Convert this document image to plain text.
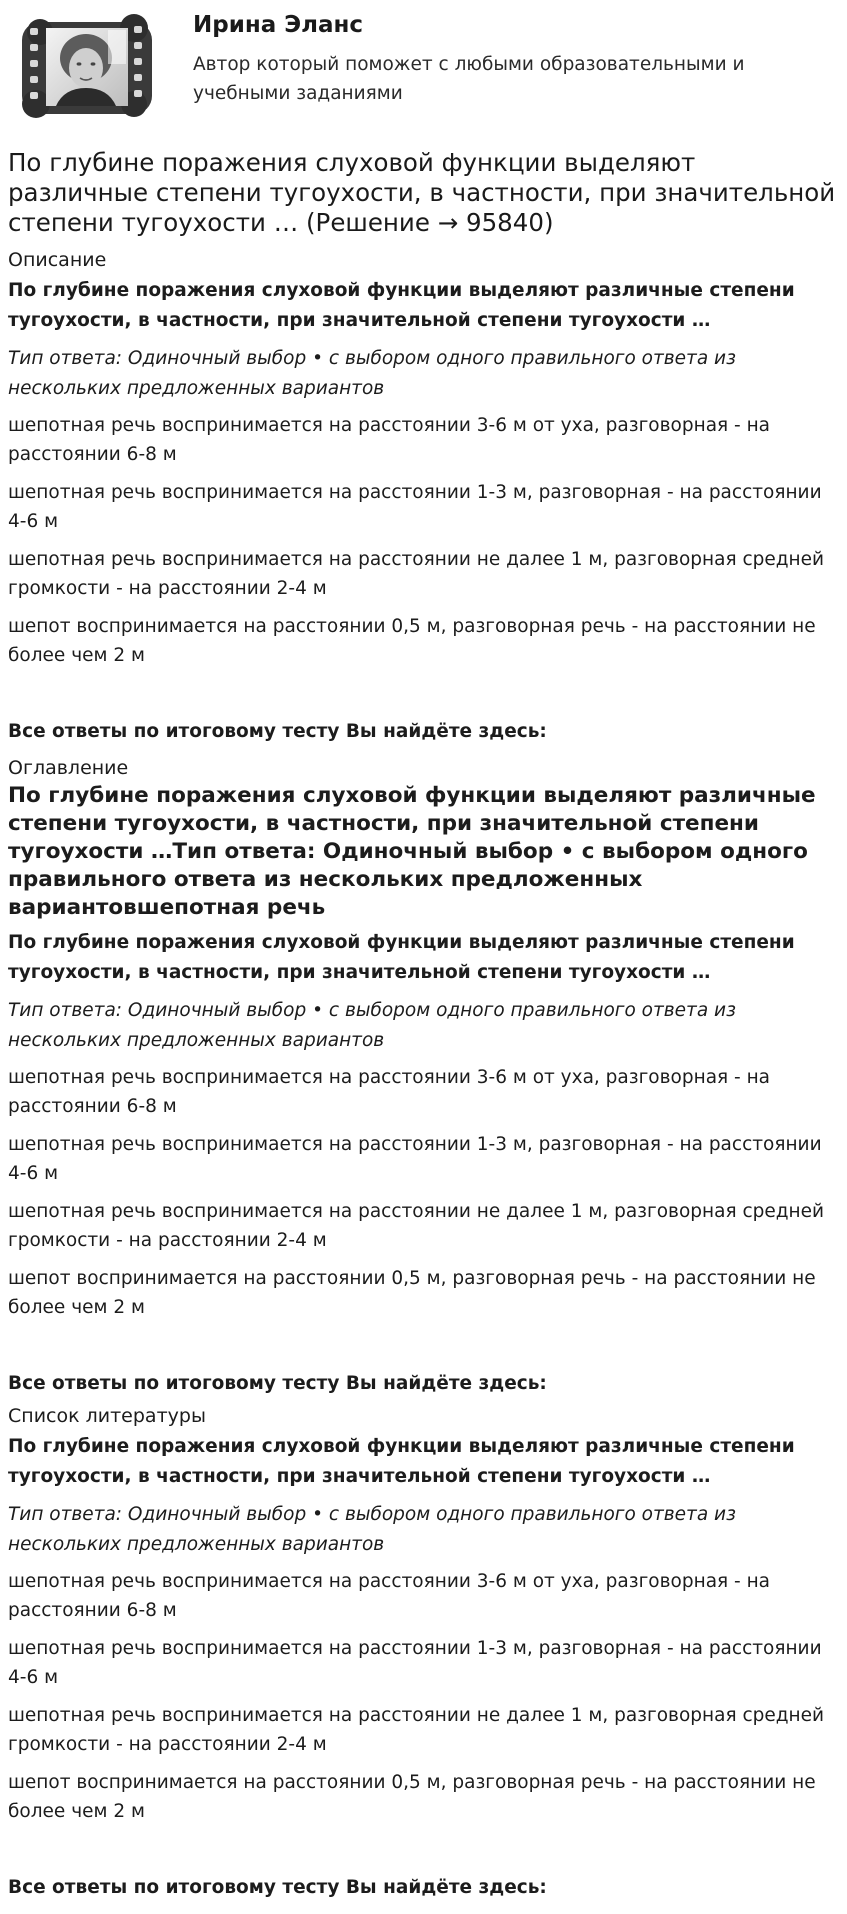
Ирина Эланс

Автор который поможет с любыми образовательными и учебными заданиями

По глубине поражения слуховой функции выделяют различные степени тугоухости, в частности, при значительной степени тугоухости … (Решение → 95840)

Описание

По глубине поражения слуховой функции выделяют различные степени тугоухости, в частности, при значительной степени тугоухости …

Тип ответа: Одиночный выбор • с выбором одного правильного ответа из нескольких предложенных вариантов

шепотная речь воспринимается на расстоянии 3-6 м от уха, разговорная - на расстоянии 6-8 м

шепотная речь воспринимается на расстоянии 1-3 м, разговорная - на расстоянии 4-6 м

шепотная речь воспринимается на расстоянии не далее 1 м, разговорная средней громкости - на расстоянии 2-4 м

шепот воспринимается на расстоянии 0,5 м, разговорная речь - на расстоянии не более чем 2 м

Все ответы по итоговому тесту Вы найдёте здесь:

Оглавление

По глубине поражения слуховой функции выделяют различные степени тугоухости, в частности, при значительной степени тугоухости …Тип ответа: Одиночный выбор • с выбором одного правильного ответа из нескольких предложенных вариантовшепотная речь

По глубине поражения слуховой функции выделяют различные степени тугоухости, в частности, при значительной степени тугоухости …

Тип ответа: Одиночный выбор • с выбором одного правильного ответа из нескольких предложенных вариантов

шепотная речь воспринимается на расстоянии 3-6 м от уха, разговорная - на расстоянии 6-8 м

шепотная речь воспринимается на расстоянии 1-3 м, разговорная - на расстоянии 4-6 м

шепотная речь воспринимается на расстоянии не далее 1 м, разговорная средней громкости - на расстоянии 2-4 м

шепот воспринимается на расстоянии 0,5 м, разговорная речь - на расстоянии не более чем 2 м

Все ответы по итоговому тесту Вы найдёте здесь:

Список литературы

По глубине поражения слуховой функции выделяют различные степени тугоухости, в частности, при значительной степени тугоухости …

Тип ответа: Одиночный выбор • с выбором одного правильного ответа из нескольких предложенных вариантов

шепотная речь воспринимается на расстоянии 3-6 м от уха, разговорная - на расстоянии 6-8 м

шепотная речь воспринимается на расстоянии 1-3 м, разговорная - на расстоянии 4-6 м

шепотная речь воспринимается на расстоянии не далее 1 м, разговорная средней громкости - на расстоянии 2-4 м

шепот воспринимается на расстоянии 0,5 м, разговорная речь - на расстоянии не более чем 2 м

Все ответы по итоговому тесту Вы найдёте здесь:
